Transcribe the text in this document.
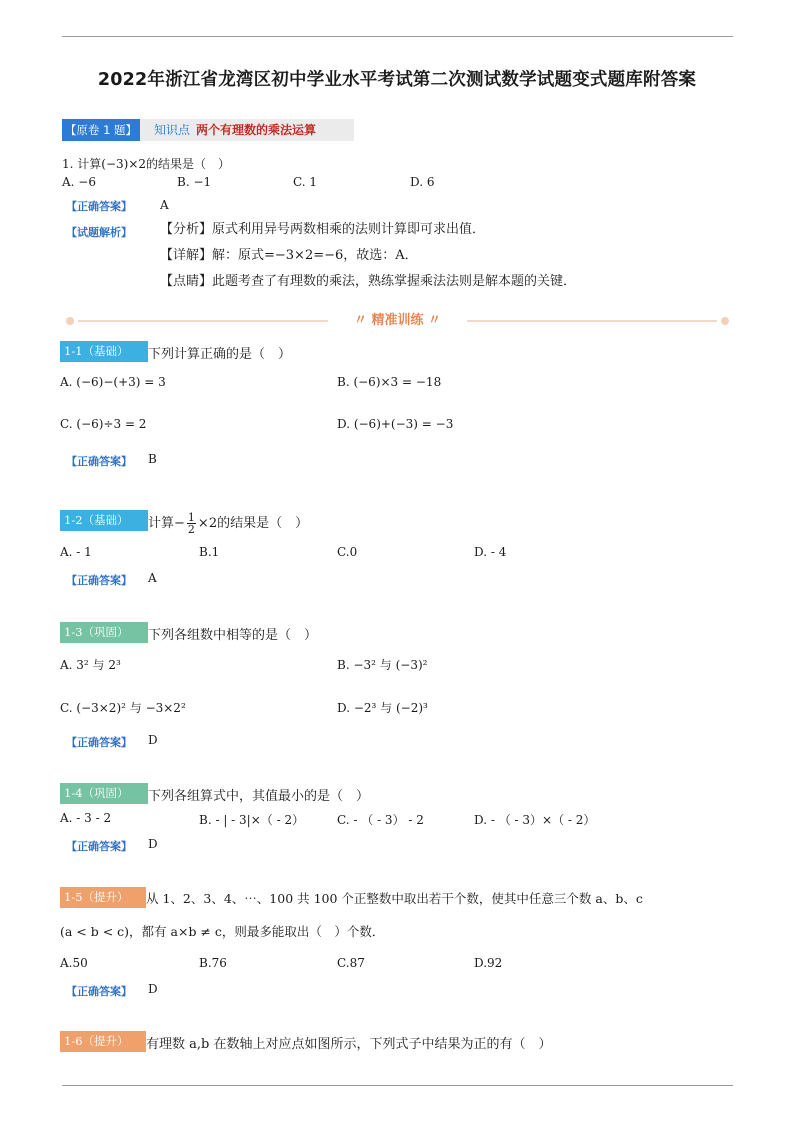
2022年浙江省龙湾区初中学业水平考试第二次测试数学试题变式题库附答案
【原卷 1 题】 知识点 两个有理数的乘法运算
1. 计算(−3)×2的结果是（　）
A. −6	B. −1	C. 1	D. 6
【正确答案】 A
【试题解析】 【分析】原式利用异号两数相乘的法则计算即可求出值．
【详解】解：原式=−3×2=−6，故选：A．
【点睛】此题考查了有理数的乘法，熟练掌握乘法法则是解本题的关键．
〃 精准训练 〃
1-1（基础）	下列计算正确的是（　）
A. (−6)−(+3) = 3	B. (−6)×3 = −18
C. (−6)÷3 = 2	D. (−6)+(−3) = −3
【正确答案】 B
1-2（基础）	计算− $\frac{1}{2} \times 2$的结果是（　）
A. - 1	B.1	C.0	D. - 4
【正确答案】 A
1-3（巩固）	下列各组数中相等的是（　）
A. 3² 与 2³	B. −3² 与 (−3)²
C. (−3×2)² 与 −3×2²	D. −2³ 与 (−2)³
【正确答案】 D
1-4（巩固）	下列各组算式中，其值最小的是（　）
A. - 3 - 2	B. - | - 3|×（ - 2）	C. - （ - 3） - 2	D. - （ - 3）×（ - 2）
【正确答案】 D
1-5（提升）	从 1、2、3、4、⋯、100 共 100 个正整数中取出若干个数，使其中任意三个数 a、b、c
(a < b < c)，都有 a×b ≠ c，则最多能取出（　）个数．
A.50	B.76	C.87	D.92
【正确答案】 D
1-6（提升）	有理数 a,b 在数轴上对应点如图所示，下列式子中结果为正的有（　）
